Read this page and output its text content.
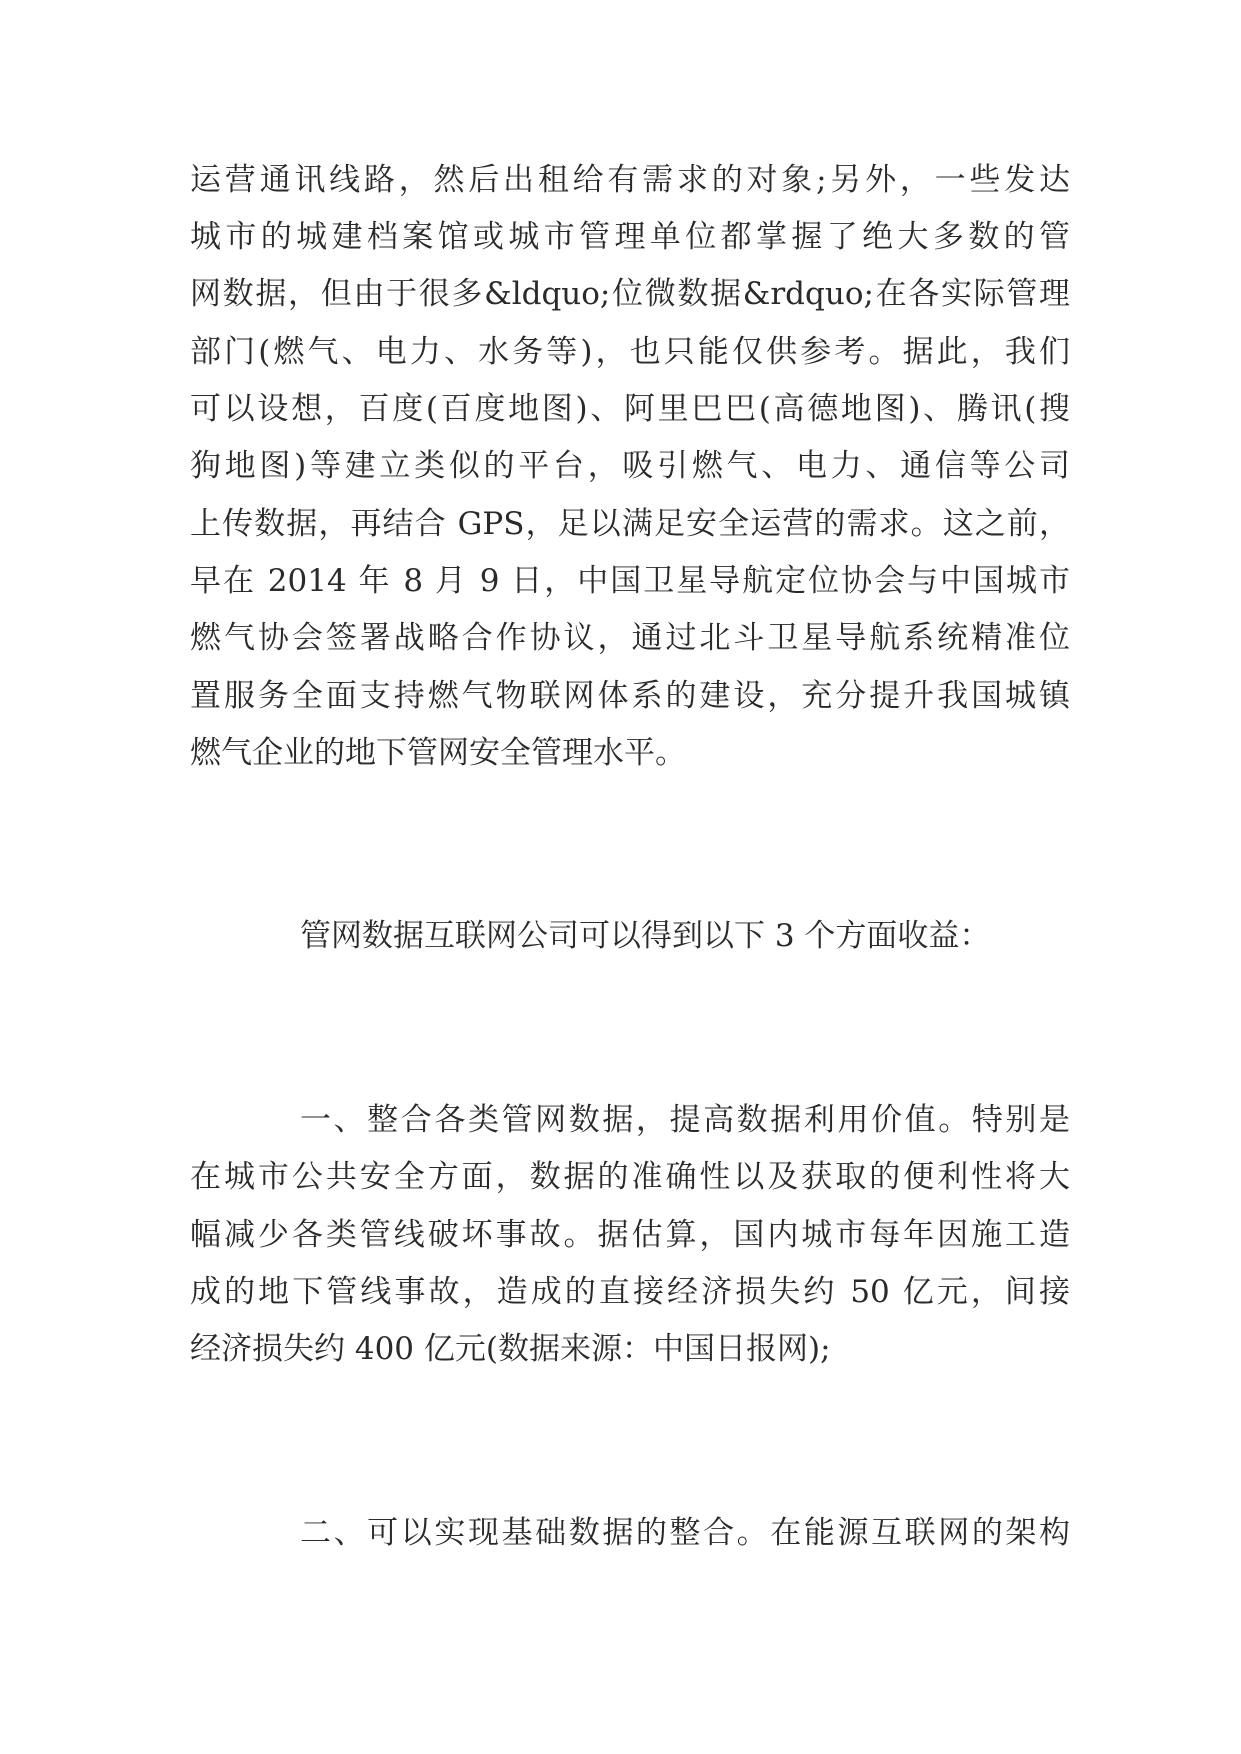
运营通讯线路，然后出租给有需求的对象;另外，一些发达
城市的城建档案馆或城市管理单位都掌握了绝大多数的管
网数据，但由于很多&ldquo;位微数据&rdquo;在各实际管理
部门(燃气、电力、水务等)，也只能仅供参考。据此，我们
可以设想，百度(百度地图)、阿里巴巴(高德地图)、腾讯(搜
狗地图)等建立类似的平台，吸引燃气、电力、通信等公司
上传数据，再结合 GPS，足以满足安全运营的需求。这之前，
早在 2014 年 8 月 9 日，中国卫星导航定位协会与中国城市
燃气协会签署战略合作协议，通过北斗卫星导航系统精准位
置服务全面支持燃气物联网体系的建设，充分提升我国城镇
燃气企业的地下管网安全管理水平。
管网数据互联网公司可以得到以下 3 个方面收益：
一、整合各类管网数据，提高数据利用价值。特别是
在城市公共安全方面，数据的准确性以及获取的便利性将大
幅减少各类管线破坏事故。据估算，国内城市每年因施工造
成的地下管线事故，造成的直接经济损失约 50 亿元，间接
经济损失约 400 亿元(数据来源：中国日报网);
二、可以实现基础数据的整合。在能源互联网的架构
